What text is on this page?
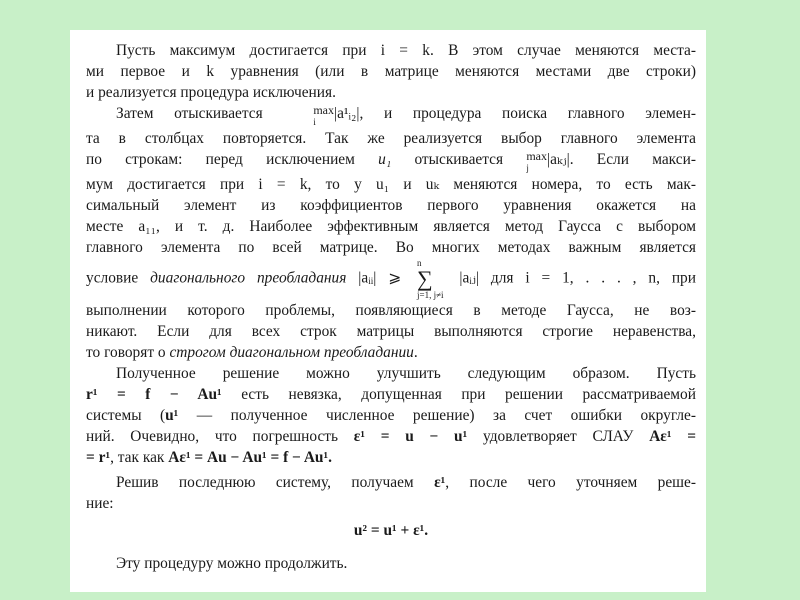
Пусть максимум достигается при i = k. В этом случае меняются места-
ми первое и k уравнения (или в матрице меняются местами две строки)
и реализуется процедура исключения.

Затем отыскивается	max
i	|a¹ᵢ₂|, и процедура поиска главного элемен-
та в столбцах повторяется. Так же реализуется выбор главного элемента
по строкам: перед исключением u₁ отыскивается max
j	|aₖⱼ|. Если макси-
мум достигается при i = k, то у u₁ и uₖ меняются номера, то есть мак-
симальный элемент из коэффициентов первого уравнения окажется на
месте a₁₁, и т. д. Наиболее эффективным является метод Гаусса с выбором
главного элемента по всей матрице. Во многих методах важным является
условие диагонального преобладания |aᵢᵢ| ⩾
n
∑
j=1, j≠i
|aᵢⱼ| для i = 1, . . . , n, при
выполнении которого проблемы, появляющиеся в методе Гаусса, не воз-
никают. Если для всех строк матрицы выполняются строгие неравенства,
то говорят о строгом диагональном преобладании.

Полученное решение можно улучшить следующим образом. Пусть
r¹ = f − Au¹ есть невязка, допущенная при решении рассматриваемой
системы (u¹ — полученное численное решение) за счет ошибки округле-
ний. Очевидно, что погрешность ε¹ = u − u¹ удовлетворяет СЛАУ Aε¹ =
= r¹, так как Aε¹ = Au − Au¹ = f − Au¹.

Решив последнюю систему, получаем ε¹, после чего уточняем реше-
ние:

u² = u¹ + ε¹.

Эту процедуру можно продолжить.
